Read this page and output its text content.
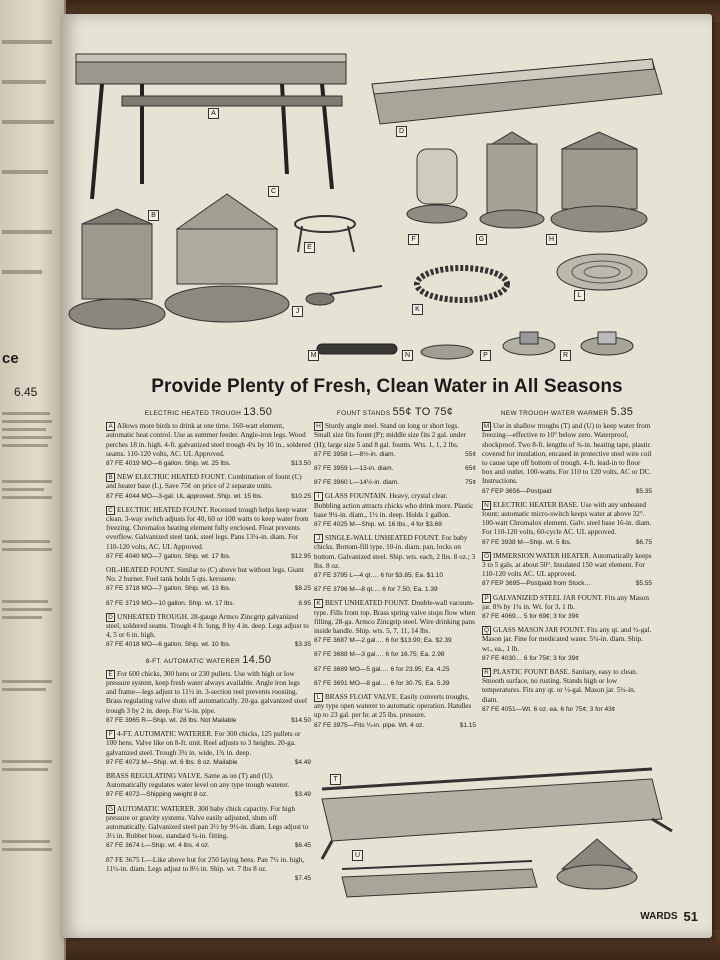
ce
6.45
A
B
C
D
E
F	G	H
J	K
L
M	N	P	R
Provide Plenty of Fresh, Clean Water in All Seasons
ELECTRIC HEATED TROUGH 13.50
A Allows more birds to drink at one time. 160-watt element, automatic heat control. Use as summer feeder. Angle-iron legs. Wood perches 18 in. high. 4-ft. galvanized steel trough 4¾ by 10 in., soldered seams. 110-120 volts, AC. UL Approved.
87 FE 4019 MO—6 gallon. Ship. wt. 25 lbs.	$13.50
B NEW ELECTRIC HEATED FOUNT. Combination of fount (C) and heater base (L). Save 75¢ on price of 2 separate units.
87 FE 4044 MO—3-gal. UL approved. Ship. wt. 15 lbs.	$10.25
C ELECTRIC HEATED FOUNT. Recessed trough helps keep water clean. 3-way switch adjusts for 40, 60 or 100 watts to keep water from freezing. Chromalox heating element fully enclosed. Float prevents overflow. Galvanized steel tank, steel legs. Pans 13¼-in. diam. For 110-120 volts, AC. UL Approved.
87 FE 4040 MO—7 gallon. Ship. wt. 17 lbs.	$12.95
OIL-HEATED FOUNT. Similar to (C) above but without legs. Giant No. 2 burner. Fuel tank holds 5 qts. kerosene.
87 FE 3718 MO—7 gallon. Ship. wt. 13 lbs.	$8.25
87 FE 3719 MO—10 gallon. Ship. wt. 17 lbs.	8.95
D UNHEATED TROUGH. 28-gauge Armco Zincgrip galvanized steel, soldered seams. Trough 4 ft. long, 8 by 4 in. deep. Legs adjust to 4, 5 or 6 in. high.
87 FE 4018 MO—6 gallon. Ship. wt. 10 lbs.	$3.35
8-FT. AUTOMATIC WATERER 14.50
E For 600 chicks, 300 hens or 230 pullets. Use with high or low pressure system, keep fresh water always available. Angle iron legs and frame—legs adjust to 11½ in. 3-section reel prevents roosting. Brass regulating valve shuts off automatically. 20-ga. galvanized steel trough 3 by 2 in. deep. For ¼-in. pipe.
87 FE 3965 R—Ship. wt. 28 lbs. Not Mailable	$14.50
F 4-FT. AUTOMATIC WATERER. For 300 chicks, 125 pullets or 100 hens. Valve like on 8-ft. unit. Reel adjusts to 3 heights. 20-ga. galvanized steel. Trough 3¾ in. wide, 1¾ in. deep.
87 FE 4073 M—Ship. wt. 6 lbs. 8 oz. Mailable	$4.49
BRASS REGULATING VALVE. Same as on (T) and (U). Automatically regulates water level on any type trough waterer.
87 FE 4072—Shipping weight 8 oz.	$3.49
G AUTOMATIC WATERER. 300 baby chick capacity. For high pressure or gravity systems. Valve easily adjusted, shuts off automatically. Galvanized steel pan 3½ by 9½-in. diam. Legs adjust to 3½ in. Rubber hose, standard ¾-in. fitting.
87 FE 3674 L—Ship. wt. 4 lbs. 4 oz.	$6.45
87 FE 3675 L—Like above but for 250 laying hens. Pan 7½ in. high, 11½-in. diam. Legs adjust to 8½ in. Ship. wt. 7 lbs 8 oz.
$7.45
FOUNT STANDS 55¢ TO 75¢
H Sturdy angle steel. Stand on long or short legs. Small size fits fount (P); middle size fits 2 gal. under (H); large size 5 and 8 gal. founts. Wts. 1, 1, 2 lbs.
87 FE 3958 L—8½-in. diam.	55¢
87 FE 3959 L—13-in. diam.	65¢
87 FE 3960 L—14½-in. diam.	75¢
I GLASS FOUNTAIN. Heavy, crystal clear. Bubbling action attracts chicks who drink more. Plastic base 9¼-in. diam., 1½ in. deep. Holds 1 gallon.
87 FE 4025 M—Ship. wt. 16 lbs., 4 for $3.69
J SINGLE-WALL UNHEATED FOUNT. For baby chicks. Bottom-fill type. 10-in. diam. pan, locks on bottom. Galvanized steel. Ship. wts. each, 2 lbs. 8 oz.; 3 lbs. 8 oz.
87 FE 3795 L—4 qt.… 6 for $3.85; Ea. $1.10
87 FE 3796 M—8 qt.… 6 for 7.50; Ea. 1.39
K BEST UNHEATED FOUNT. Double-wall vacuum-type. Fills from top. Brass spring valve stops flow when filling. 28-ga. Armco Zincgrip steel. Wire drinking pans inside handle. Ship. wts. 5, 7, 11, 14 lbs.
87 FE 3687 M—2 gal.… 6 for $13.90; Ea. $2.39
87 FE 3688 M—3 gal.… 6 for 16.75; Ea. 2.98
87 FE 3689 MO—5 gal.… 6 for 23.95; Ea. 4.25
87 FE 3691 MO—8 gal.… 6 for 30.75; Ea. 5.39
L BRASS FLOAT VALVE. Easily converts troughs, any type open waterer to automatic operation. Handles up to 23 gal. per hr. at 25 lbs. pressure.
87 FE 3975—Fits ¼-in. pipe. Wt. 4 oz.	$1.15
NEW TROUGH WATER WARMER 5.35
M Use in shallow troughs (T) and (U) to keep water from freezing—effective to 10° below zero. Waterproof, shockproof. Two 8-ft. lengths of ¾-in. heating tape, plastic covered for insulation, encased in protective steel wire coil to cause tape off bottom of trough. 4-ft. lead-in to floor box and outlet. 100-watts. For 110 to 120 volts, AC or DC. Instructions.
87 FEP 3656—Postpaid	$5.35
N ELECTRIC HEATER BASE. Use with any unheated fount; automatic micro-switch keeps water at above 32°. 100-watt Chromalox element. Galv. steel base 16-in. diam. For 110-120 volts, 60-cycle AC. UL approved.
87 FE 3938 M—Ship. wt. 5 lbs.	$6.75
O IMMERSION WATER HEATER. Automatically keeps 3 to 5 gals. at about 50°. Insulated 150 watt element. For 110-120 volts AC. UL approved.
87 FEP 3695—Postpaid from Stock…	$5.55
P GALVANIZED STEEL JAR FOUNT. Fits any Mason jar. 8⅝ by 1¼ in. Wt. for 3, 1 lb.
87 FE 4069… 5 for 69¢; 3 for 39¢
Q GLASS MASON JAR FOUNT. Fits any qt. and ½-gal. Mason jar. Fine for medicated water. 5¼-in. diam. Ship. wt., ea., 1 lb.
87 FE 4030… 6 for 75¢; 3 for 39¢
R PLASTIC FOUNT BASE. Sanitary, easy to clean. Smooth surface, no rusting. Stands high or low temperatures. Fits any qt. or ½-gal. Mason jar. 5¼-in. diam.
87 FE 4051—Wt. 6 oz. ea. 6 for 75¢; 3 for 43¢
T
U
WARDS 51
